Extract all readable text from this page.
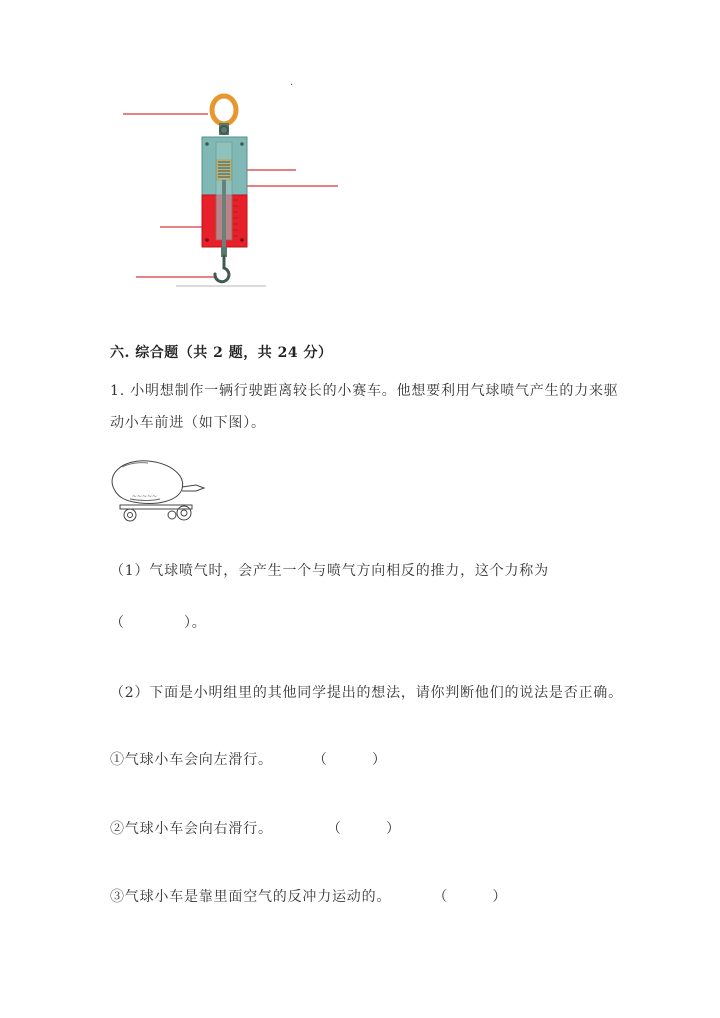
·
六. 综合题（共 2 题，共 24 分）
1. 小明想制作一辆行驶距离较长的小赛车。他想要利用气球喷气产生的力来驱
动小车前进（如下图）。
~~~~~
（1）气球喷气时，会产生一个与喷气方向相反的推力，这个力称为
（　　　　）。
（2）下面是小明组里的其他同学提出的想法，请你判断他们的说法是否正确。
①气球小车会向左滑行。	（　　　）
②气球小车会向右滑行。	（　　　）
③气球小车是靠里面空气的反冲力运动的。	（　　　）
